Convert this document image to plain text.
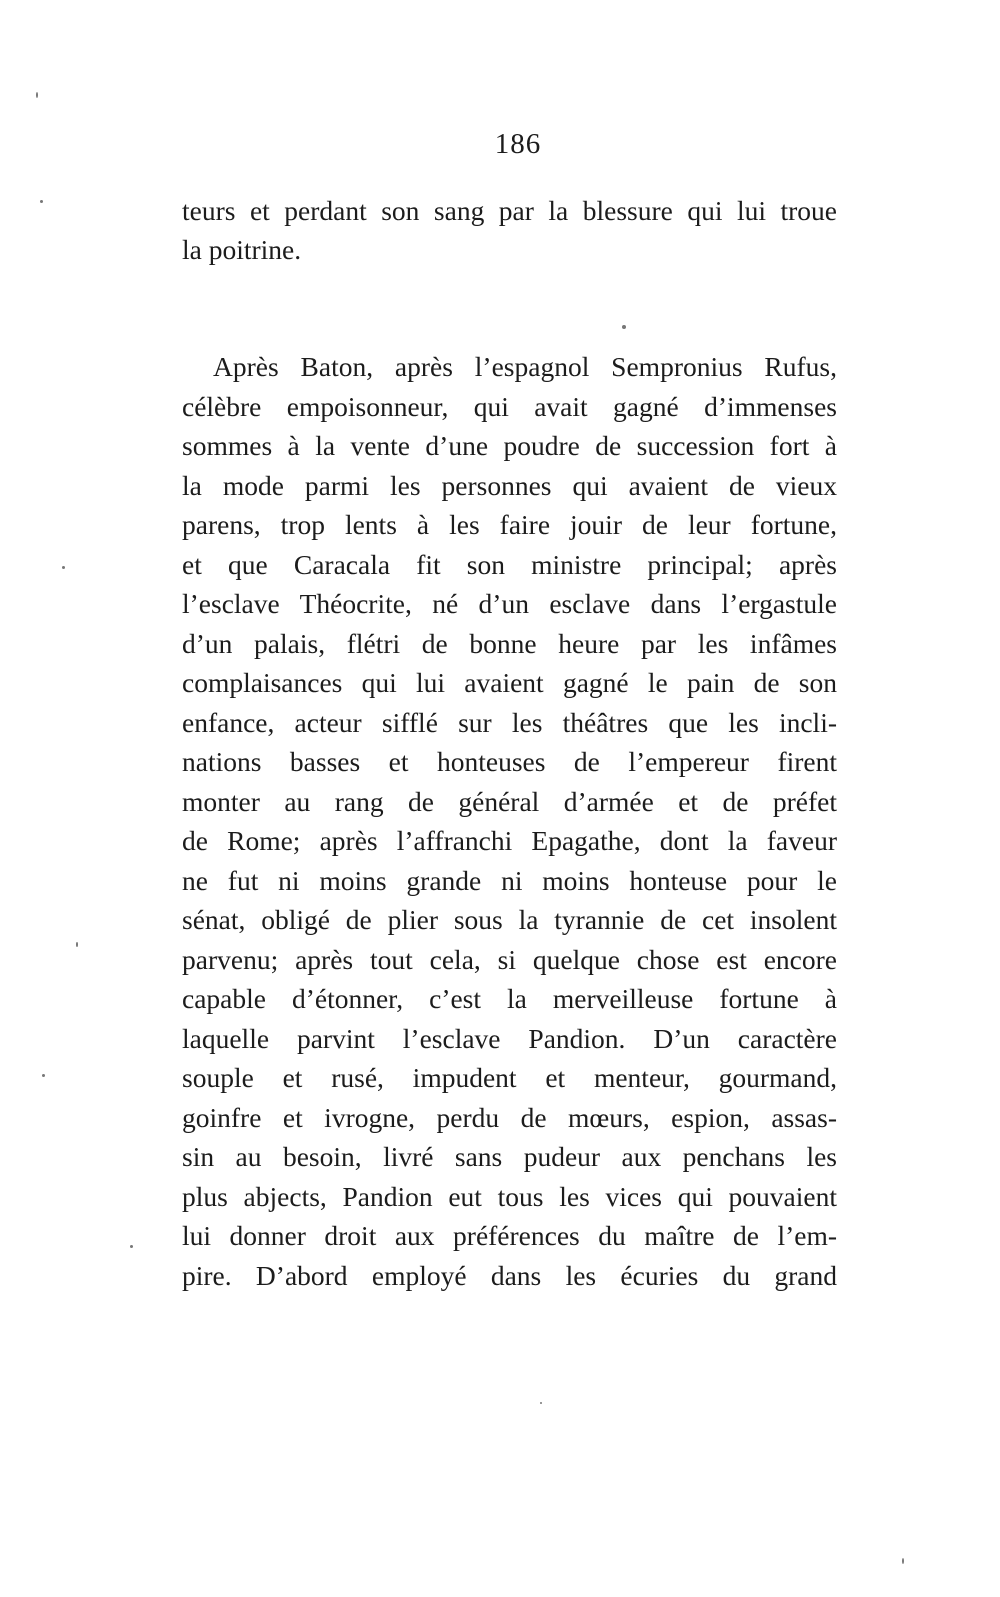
186
teurs et perdant son sang par la blessure qui lui troue
la poitrine.
Après Baton, après l’espagnol Sempronius Rufus,
célèbre empoisonneur, qui avait gagné d’immenses
sommes à la vente d’une poudre de succession fort à
la mode parmi les personnes qui avaient de vieux
parens, trop lents à les faire jouir de leur fortune,
et que Caracala fit son ministre principal; après
l’esclave Théocrite, né d’un esclave dans l’ergastule
d’un palais, flétri de bonne heure par les infâmes
complaisances qui lui avaient gagné le pain de son
enfance, acteur sifflé sur les théâtres que les incli-
nations basses et honteuses de l’empereur firent
monter au rang de général d’armée et de préfet
de Rome; après l’affranchi Epagathe, dont la faveur
ne fut ni moins grande ni moins honteuse pour le
sénat, obligé de plier sous la tyrannie de cet insolent
parvenu; après tout cela, si quelque chose est encore
capable d’étonner, c’est la merveilleuse fortune à
laquelle parvint l’esclave Pandion. D’un caractère
souple et rusé, impudent et menteur, gourmand,
goinfre et ivrogne, perdu de mœurs, espion, assas-
sin au besoin, livré sans pudeur aux penchans les
plus abjects, Pandion eut tous les vices qui pouvaient
lui donner droit aux préférences du maître de l’em-
pire. D’abord employé dans les écuries du grand
